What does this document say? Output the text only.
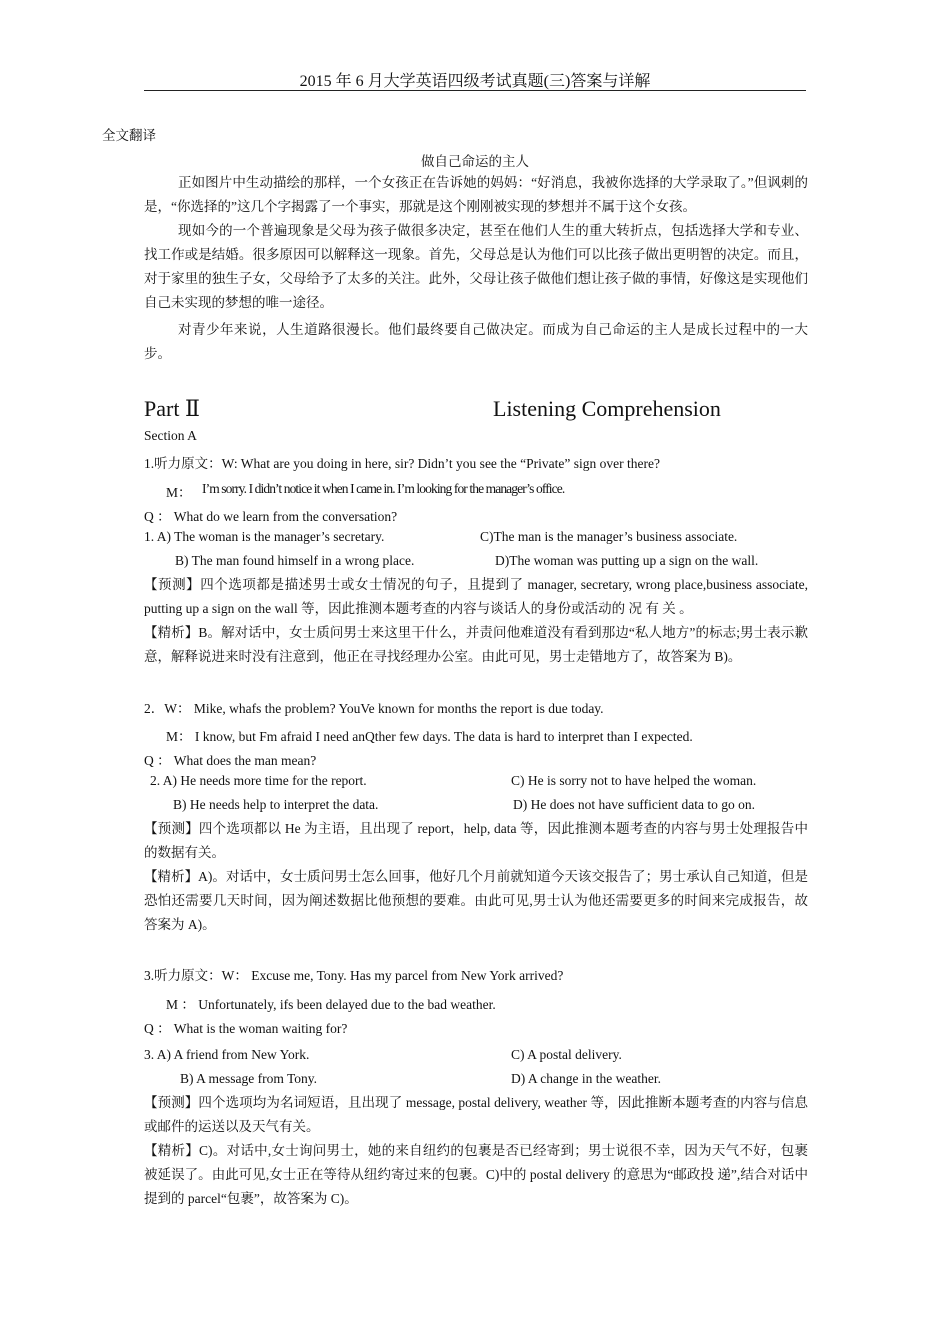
2015 年 6 月大学英语四级考试真题(三)答案与详解
全文翻译
做自己命运的主人
正如图片中生动描绘的那样，一个女孩正在告诉她的妈妈：“好消息，我被你选择的大学录取了。”但讽刺的是，“你选择的”这几个字揭露了一个事实，那就是这个刚刚被实现的梦想并不属于这个女孩。
现如今的一个普遍现象是父母为孩子做很多决定，甚至在他们人生的重大转折点，包括选择大学和专业、找工作或是结婚。很多原因可以解释这一现象。首先，父母总是认为他们可以比孩子做出更明智的决定。而且，对于家里的独生子女，父母给予了太多的关注。此外，父母让孩子做他们想让孩子做的事情，好像这是实现他们自己未实现的梦想的唯一途径。
对青少年来说，人生道路很漫长。他们最终要自己做决定。而成为自己命运的主人是成长过程中的一大步。
Part Ⅱ	Listening Comprehension
Section A
1.听力原文：W: What are you doing in here, sir? Didn’t you see the “Private” sign over there?
M： I’m sorry. I didn’t notice it when I came in. I’m looking for the manager’s office.
Q ： What do we learn from the conversation?
1. A) The woman is the manager’s secretary.	C)The man is the manager’s business associate.
B) The man found himself in a wrong place.	D)The woman was putting up a sign on the wall.
【预测】四个选项都是描述男士或女士情况的句子，且提到了 manager, secretary, wrong place,business associate, putting up a sign on the wall 等，因此推测本题考查的内容与谈话人的身份或活动的 况 有 关 。
【精析】B。解对话中，女士质问男士来这里干什么，并责问他难道没有看到那边“私人地方”的标志;男士表示歉意，解释说进来时没有注意到，他正在寻找经理办公室。由此可见，男士走错地方了，故答案为 B)。
2．W： Mike, whafs the problem? YouVe known for months the report is due today.
M： I know, but Fm afraid I need anQther few days. The data is hard to interpret than I expected.
Q ： What does the man mean?
2. A) He needs more time for the report.	C) He is sorry not to have helped the woman.
B) He needs help to interpret the data.	D) He does not have sufficient data to go on.
【预测】四个选项都以 He 为主语，且出现了 report，help, data 等，因此推测本题考查的内容与男士处理报告中的数据有关。
【精析】A)。对话中，女士质问男士怎么回事，他好几个月前就知道今天该交报告了；男士承认自己知道，但是恐怕还需要几天时间，因为阐述数据比他预想的要难。由此可见,男士认为他还需要更多的时间来完成报告，故答案为 A)。
3.听力原文：W： Excuse me, Tony. Has my parcel from New York arrived?
M ： Unfortunately, ifs been delayed due to the bad weather.
Q ： What is the woman waiting for?
3. A) A friend from New York.	C) A postal delivery.
B) A message from Tony.	D) A change in the weather.
【预测】四个选项均为名词短语，且出现了 message, postal delivery, weather 等，因此推断本题考查的内容与信息或邮件的运送以及天气有关。
【精析】C)。对话中,女士询问男士，她的来自纽约的包裹是否已经寄到；男士说很不幸，因为天气不好，包裹被延误了。由此可见,女士正在等待从纽约寄过来的包裹。C)中的 postal delivery 的意思为“邮政投 递”,结合对话中提到的 parcel“包裹”，故答案为 C)。
